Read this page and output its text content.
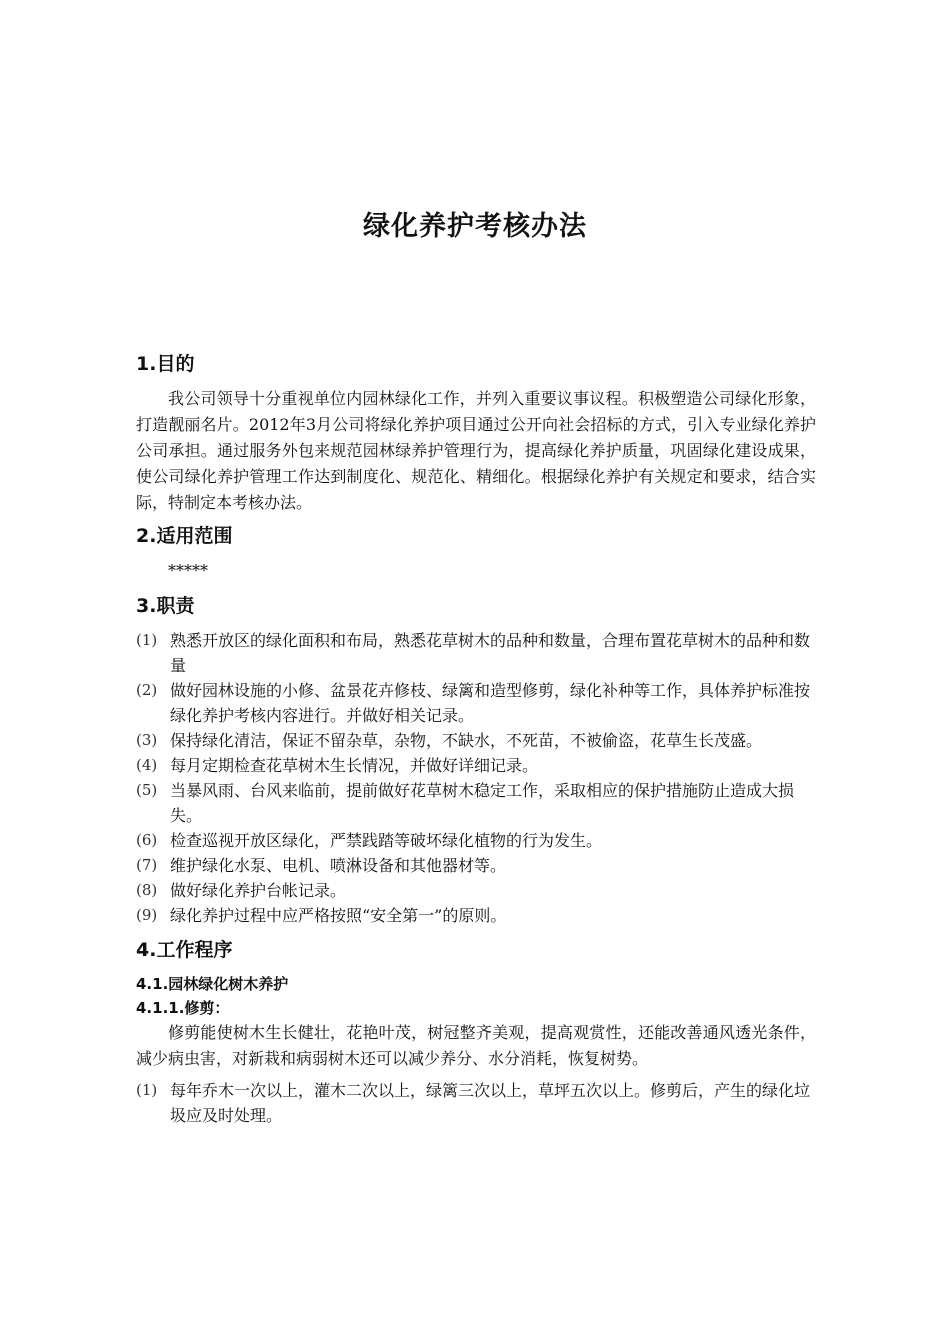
绿化养护考核办法
1.目的

我公司领导十分重视单位内园林绿化工作，并列入重要议事议程。积极塑造公司绿化形象，打造靓丽名片。2012年3月公司将绿化养护项目通过公开向社会招标的方式，引入专业绿化养护公司承担。通过服务外包来规范园林绿养护管理行为，提高绿化养护质量，巩固绿化建设成果，使公司绿化养护管理工作达到制度化、规范化、精细化。根据绿化养护有关规定和要求，结合实际，特制定本考核办法。

2.适用范围

*****

3.职责
(1) 熟悉开放区的绿化面积和布局，熟悉花草树木的品种和数量，合理布置花草树木的品种和数量
(2) 做好园林设施的小修、盆景花卉修枝、绿篱和造型修剪，绿化补种等工作，具体养护标准按绿化养护考核内容进行。并做好相关记录。
(3) 保持绿化清洁，保证不留杂草，杂物，不缺水，不死苗，不被偷盗，花草生长茂盛。
(4) 每月定期检查花草树木生长情况，并做好详细记录。
(5) 当暴风雨、台风来临前，提前做好花草树木稳定工作，采取相应的保护措施防止造成大损失。
(6) 检查巡视开放区绿化，严禁践踏等破坏绿化植物的行为发生。
(7) 维护绿化水泵、电机、喷淋设备和其他器材等。
(8) 做好绿化养护台帐记录。
(9) 绿化养护过程中应严格按照“安全第一”的原则。
4.工作程序
4.1.园林绿化树木养护
4.1.1.修剪：

修剪能使树木生长健壮，花艳叶茂，树冠整齐美观，提高观赏性，还能改善通风透光条件，减少病虫害，对新栽和病弱树木还可以减少养分、水分消耗，恢复树势。

(1) 每年乔木一次以上，灌木二次以上，绿篱三次以上，草坪五次以上。修剪后，产生的绿化垃圾应及时处理。
